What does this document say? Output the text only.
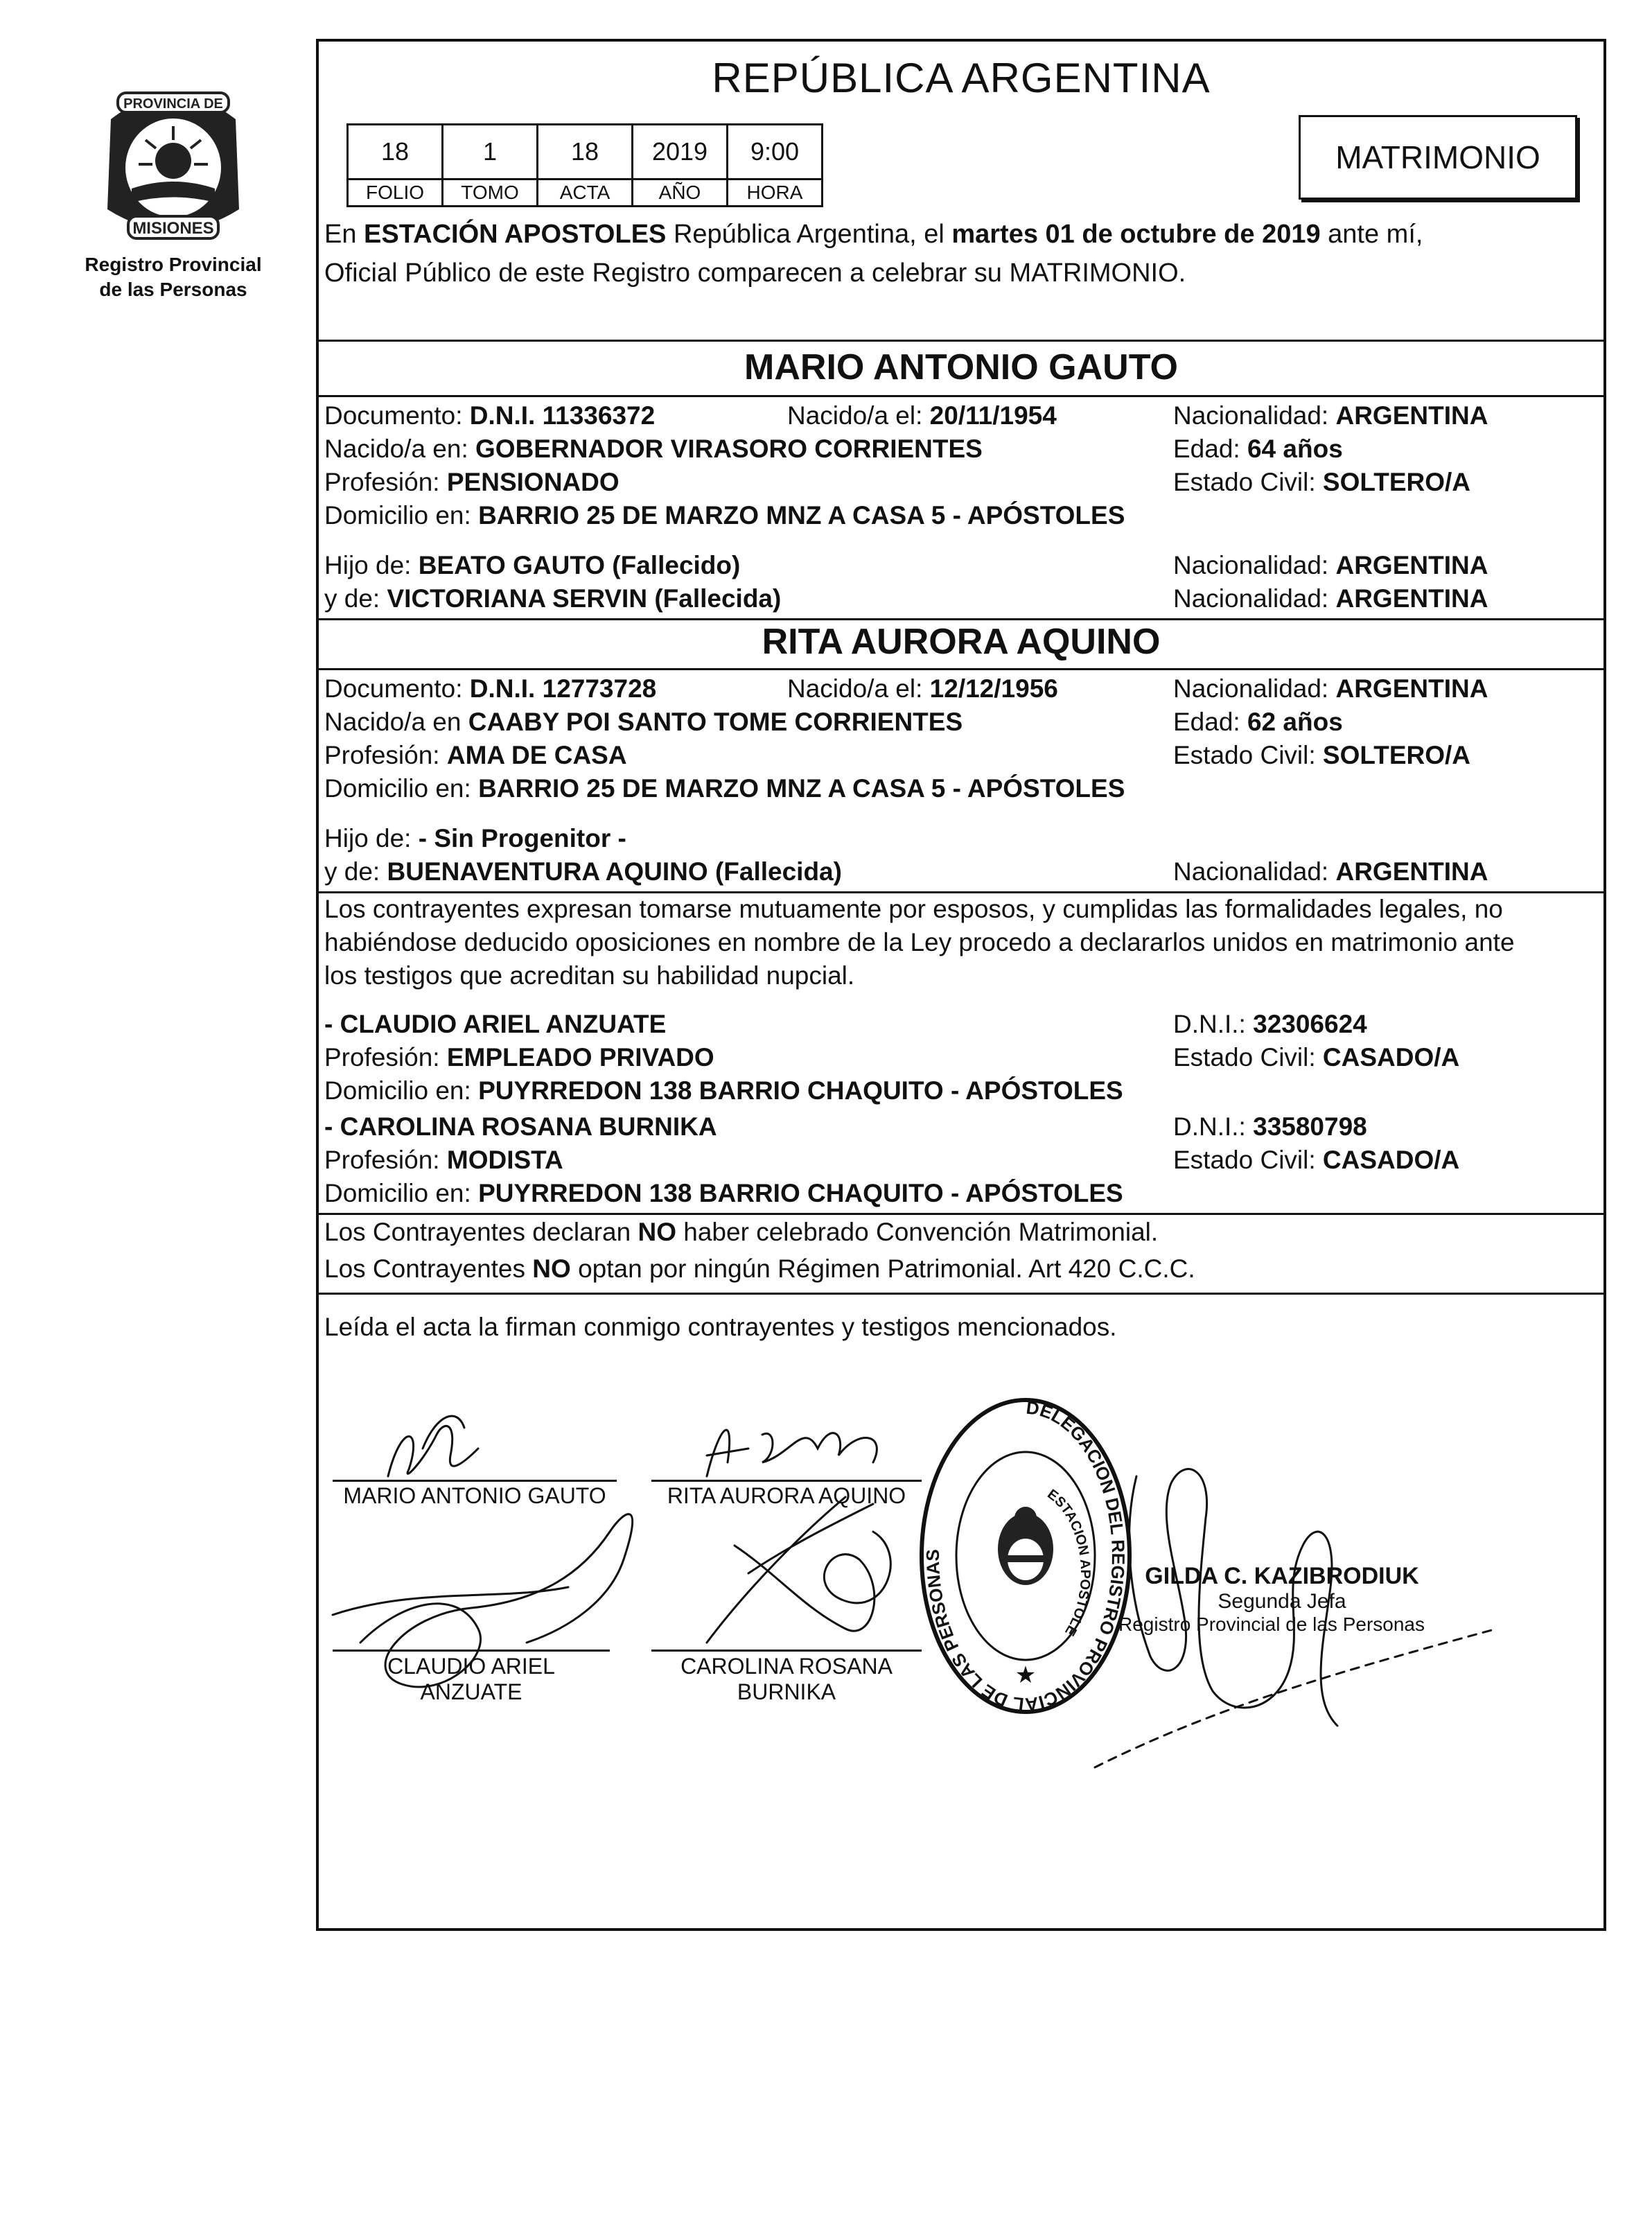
PROVINCIA DE
MISIONES
Registro Provincial
de las Personas
REPÚBLICA ARGENTINA
18	1	18	2019	9:00
FOLIO	TOMO	ACTA	AÑO	HORA
MATRIMONIO
En ESTACIÓN APOSTOLES República Argentina, el martes 01 de octubre de 2019 ante mí,
Oficial Público de este Registro comparecen a celebrar su MATRIMONIO.
MARIO ANTONIO GAUTO
Documento: D.N.I. 11336372	Nacido/a el: 20/11/1954	Nacionalidad: ARGENTINA
Nacido/a en: GOBERNADOR VIRASORO CORRIENTES	Edad: 64 años
Profesión: PENSIONADO	Estado Civil: SOLTERO/A
Domicilio en: BARRIO 25 DE MARZO MNZ A CASA 5 - APÓSTOLES
Hijo de: BEATO GAUTO (Fallecido)	Nacionalidad: ARGENTINA
y de: VICTORIANA SERVIN (Fallecida)	Nacionalidad: ARGENTINA
RITA AURORA AQUINO
Documento: D.N.I. 12773728	Nacido/a el: 12/12/1956	Nacionalidad: ARGENTINA
Nacido/a en CAABY POI SANTO TOME CORRIENTES	Edad: 62 años
Profesión: AMA DE CASA	Estado Civil: SOLTERO/A
Domicilio en: BARRIO 25 DE MARZO MNZ A CASA 5 - APÓSTOLES
Hijo de: - Sin Progenitor -
y de: BUENAVENTURA AQUINO (Fallecida)	Nacionalidad: ARGENTINA
Los contrayentes expresan tomarse mutuamente por esposos, y cumplidas las formalidades legales, no
habiéndose deducido oposiciones en nombre de la Ley procedo a declararlos unidos en matrimonio ante
los testigos que acreditan su habilidad nupcial.
- CLAUDIO ARIEL ANZUATE	D.N.I.: 32306624
Profesión: EMPLEADO PRIVADO	Estado Civil: CASADO/A
Domicilio en: PUYRREDON 138 BARRIO CHAQUITO - APÓSTOLES
- CAROLINA ROSANA BURNIKA	D.N.I.: 33580798
Profesión: MODISTA	Estado Civil: CASADO/A
Domicilio en: PUYRREDON 138 BARRIO CHAQUITO - APÓSTOLES
Los Contrayentes declaran NO haber celebrado Convención Matrimonial.
Los Contrayentes NO optan por ningún Régimen Patrimonial. Art 420 C.C.C.
Leída el acta la firman conmigo contrayentes y testigos mencionados.
MARIO ANTONIO GAUTO	RITA AURORA AQUINO
CLAUDIO ARIEL
ANZUATE
CAROLINA ROSANA
BURNIKA
DELEGACION DEL REGISTRO PROVINCIAL DE LAS PERSONAS
ESTACION APOSTOLE
★
GILDA C. KAZIBRODIUK
Segunda Jefa
Registro Provincial de las Personas
